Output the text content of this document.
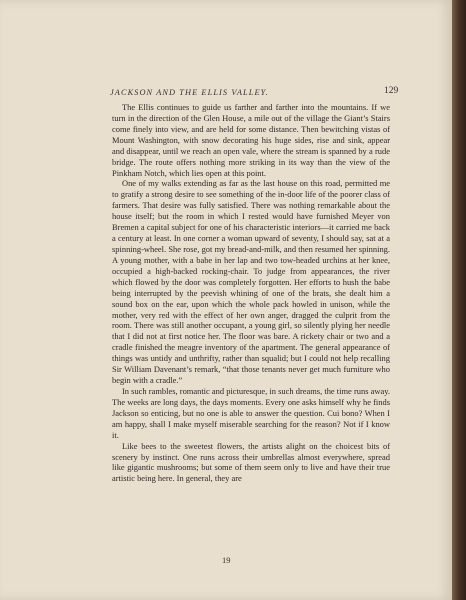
JACKSON AND THE ELLIS VALLEY.	129

The Ellis continues to guide us farther and farther into the mountains. If we turn in the direction of the Glen House, a mile out of the village the Giant’s Stairs come finely into view, and are held for some distance. Then bewitching vistas of Mount Washington, with snow decorating his huge sides, rise and sink, appear and disappear, until we reach an open vale, where the stream is spanned by a rude bridge. The route offers nothing more striking in its way than the view of the Pinkham Notch, which lies open at this point.

One of my walks extending as far as the last house on this road, permitted me to gratify a strong desire to see something of the in-door life of the poorer class of farmers. That desire was fully satisfied. There was nothing remarkable about the house itself; but the room in which I rested would have furnished Meyer von Bremen a capital subject for one of his characteristic interiors—it carried me back a century at least. In one corner a woman upward of seventy, I should say, sat at a spinning-wheel. She rose, got my bread-and-milk, and then resumed her spinning. A young mother, with a babe in her lap and two tow-headed urchins at her knee, occupied a high-backed rocking-chair. To judge from appearances, the river which flowed by the door was completely forgotten. Her efforts to hush the babe being interrupted by the peevish whining of one of the brats, she dealt him a sound box on the ear, upon which the whole pack howled in unison, while the mother, very red with the effect of her own anger, dragged the culprit from the room. There was still another occupant, a young girl, so silently plying her needle that I did not at first notice her. The floor was bare. A rickety chair or two and a cradle finished the meagre inventory of the apartment. The general appearance of things was untidy and unthrifty, rather than squalid; but I could not help recalling Sir William Davenant’s remark, “that those tenants never get much furniture who begin with a cradle.”

In such rambles, romantic and picturesque, in such dreams, the time runs away. The weeks are long days, the days moments. Every one asks himself why he finds Jackson so enticing, but no one is able to answer the question. Cui bono? When I am happy, shall I make myself miserable searching for the reason? Not if I know it.

Like bees to the sweetest flowers, the artists alight on the choicest bits of scenery by instinct. One runs across their umbrellas almost everywhere, spread like gigantic mushrooms; but some of them seem only to live and have their true artistic being here. In general, they are

19
